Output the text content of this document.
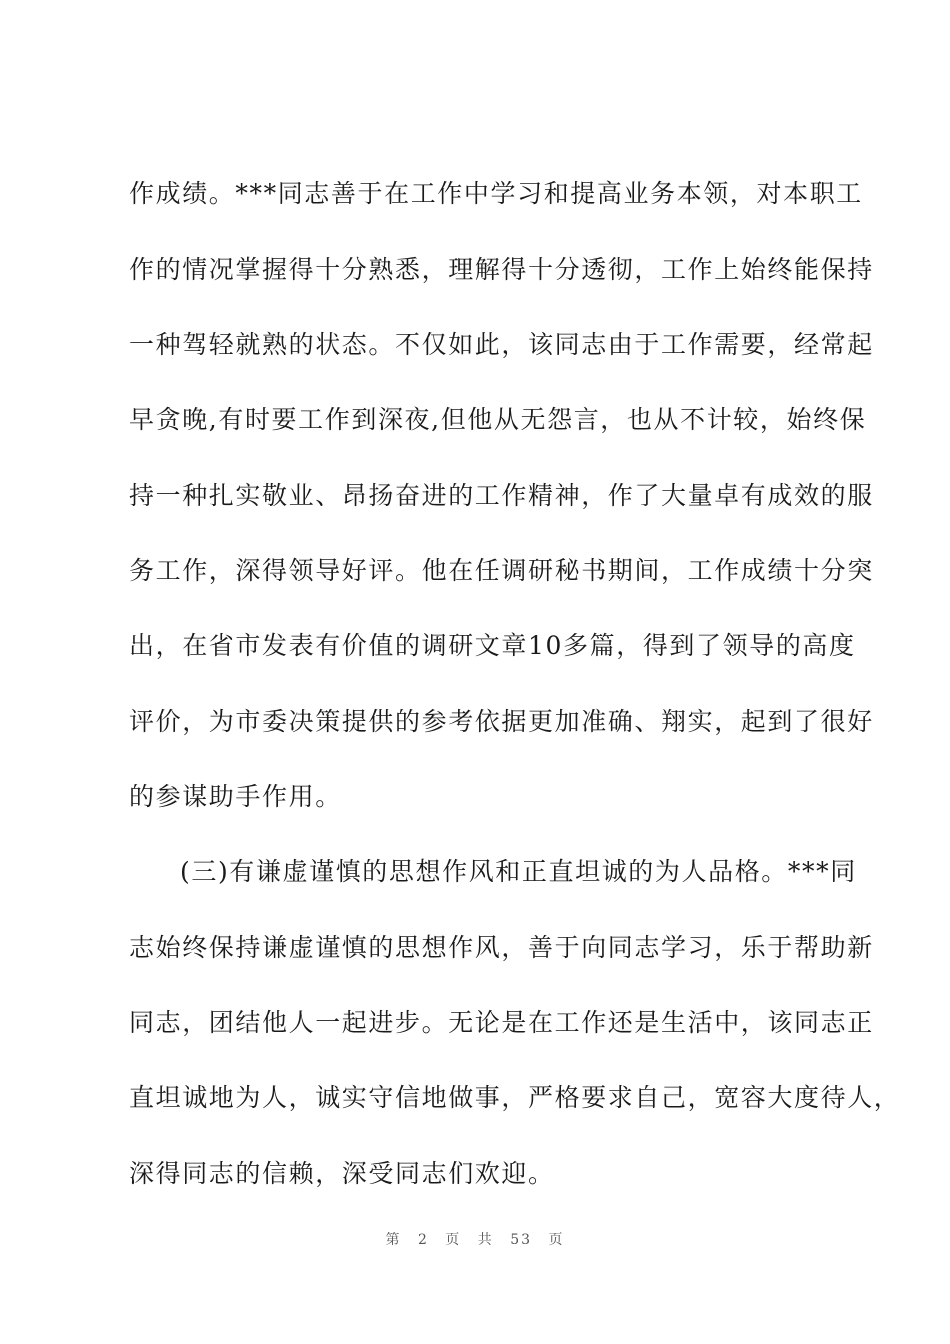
作成绩。***同志善于在工作中学习和提高业务本领，对本职工
作的情况掌握得十分熟悉，理解得十分透彻，工作上始终能保持
一种驾轻就熟的状态。不仅如此，该同志由于工作需要，经常起
早贪晚,有时要工作到深夜,但他从无怨言，也从不计较，始终保
持一种扎实敬业、昂扬奋进的工作精神，作了大量卓有成效的服
务工作，深得领导好评。他在任调研秘书期间，工作成绩十分突
出，在省市发表有价值的调研文章10多篇，得到了领导的高度
评价，为市委决策提供的参考依据更加准确、翔实，起到了很好
的参谋助手作用。
(三)有谦虚谨慎的思想作风和正直坦诚的为人品格。***同
志始终保持谦虚谨慎的思想作风，善于向同志学习，乐于帮助新
同志，团结他人一起进步。无论是在工作还是生活中，该同志正
直坦诚地为人，诚实守信地做事，严格要求自己，宽容大度待人，
深得同志的信赖，深受同志们欢迎。
第 2 页 共 53 页
